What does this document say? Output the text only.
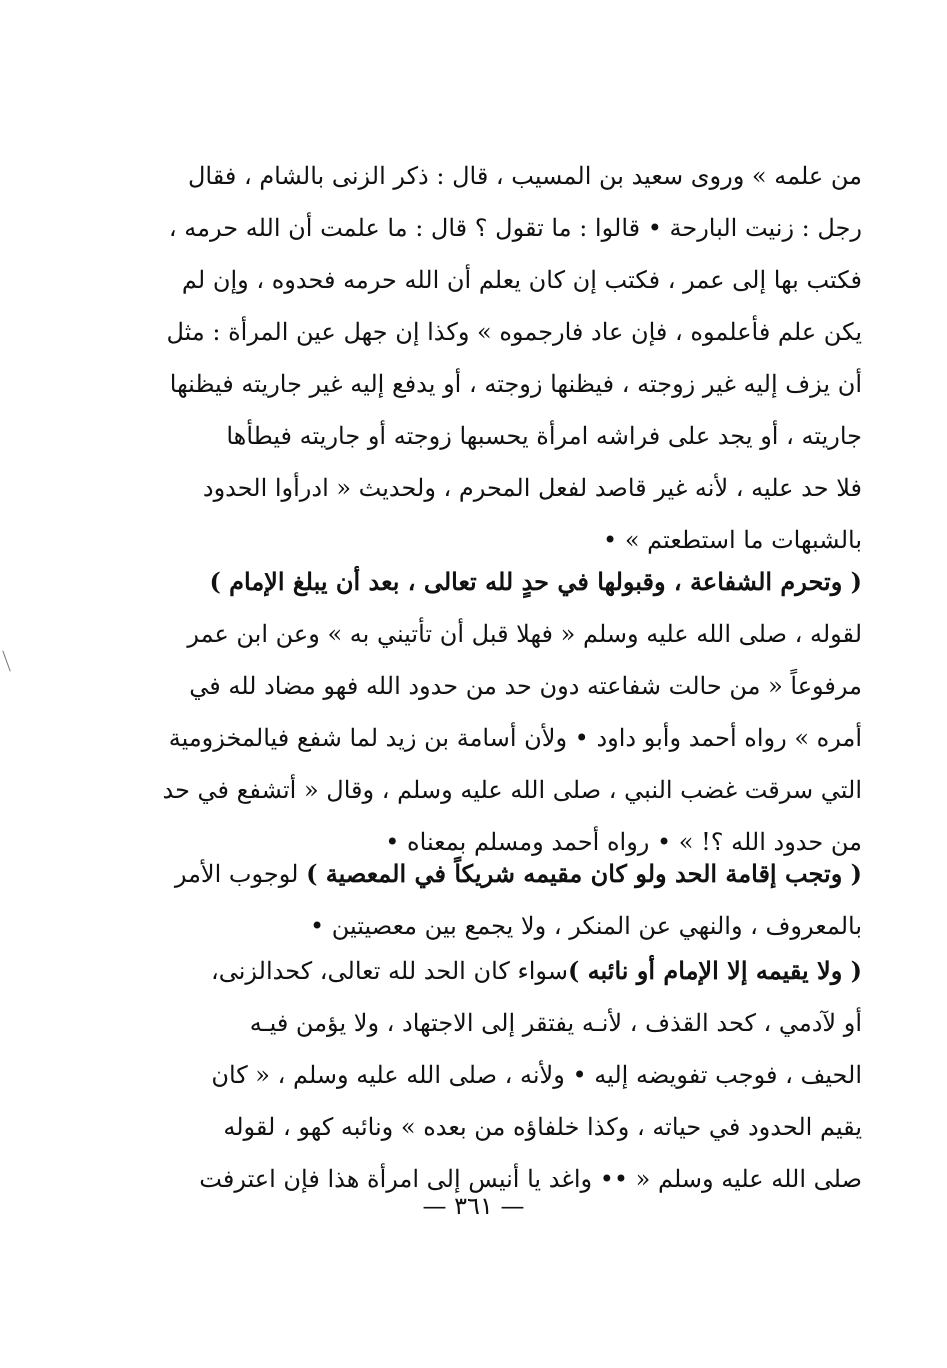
من علمه » وروى سعيد بن المسيب ، قال : ذكر الزنى بالشام ، فقال
رجل : زنيت البارحة • قالوا : ما تقول ؟ قال : ما علمت أن الله حرمه ،
فكتب بها إلى عمر ، فكتب إن كان يعلم أن الله حرمه فحدوه ، وإن لم
يكن علم فأعلموه ، فإن عاد فارجموه » وكذا إن جهل عين المرأة : مثل
أن يزف إليه غير زوجته ، فيظنها زوجته ، أو يدفع إليه غير جاريته فيظنها
جاريته ، أو يجد على فراشه امرأة يحسبها زوجته أو جاريته فيطأها
فلا حد عليه ، لأنه غير قاصد لفعل المحرم ، ولحديث « ادرأوا الحدود
بالشبهات ما استطعتم » •
( وتحرم الشفاعة ، وقبولها في حدٍ لله تعالى ، بعد أن يبلغ الإمام )
لقوله ، صلى الله عليه وسلم « فهلا قبل أن تأتيني به » وعن ابن عمر
مرفوعاً « من حالت شفاعته دون حد من حدود الله فهو مضاد لله في
أمره » رواه أحمد وأبو داود • ولأن أسامة بن زيد لما شفع فيالمخزومية
التي سرقت غضب النبي ، صلى الله عليه وسلم ، وقال « أتشفع في حد
من حدود الله ؟! » • رواه أحمد ومسلم بمعناه •
( وتجب إقامة الحد ولو كان مقيمه شريكاً في المعصية ) لوجوب الأمر
بالمعروف ، والنهي عن المنكر ، ولا يجمع بين معصيتين •
( ولا يقيمه إلا الإمام أو نائبه )سواء كان الحد لله تعالى، كحدالزنى،
أو لآدمي ، كحد القذف ، لأنـه يفتقر إلى الاجتهاد ، ولا يؤمن فيـه
الحيف ، فوجب تفويضه إليه • ولأنه ، صلى الله عليه وسلم ، « كان
يقيم الحدود في حياته ، وكذا خلفاؤه من بعده » ونائبه كهو ، لقوله
صلى الله عليه وسلم « •• واغد يا أنيس إلى امرأة هذا فإن اعترفت
— ٣٦١ —
